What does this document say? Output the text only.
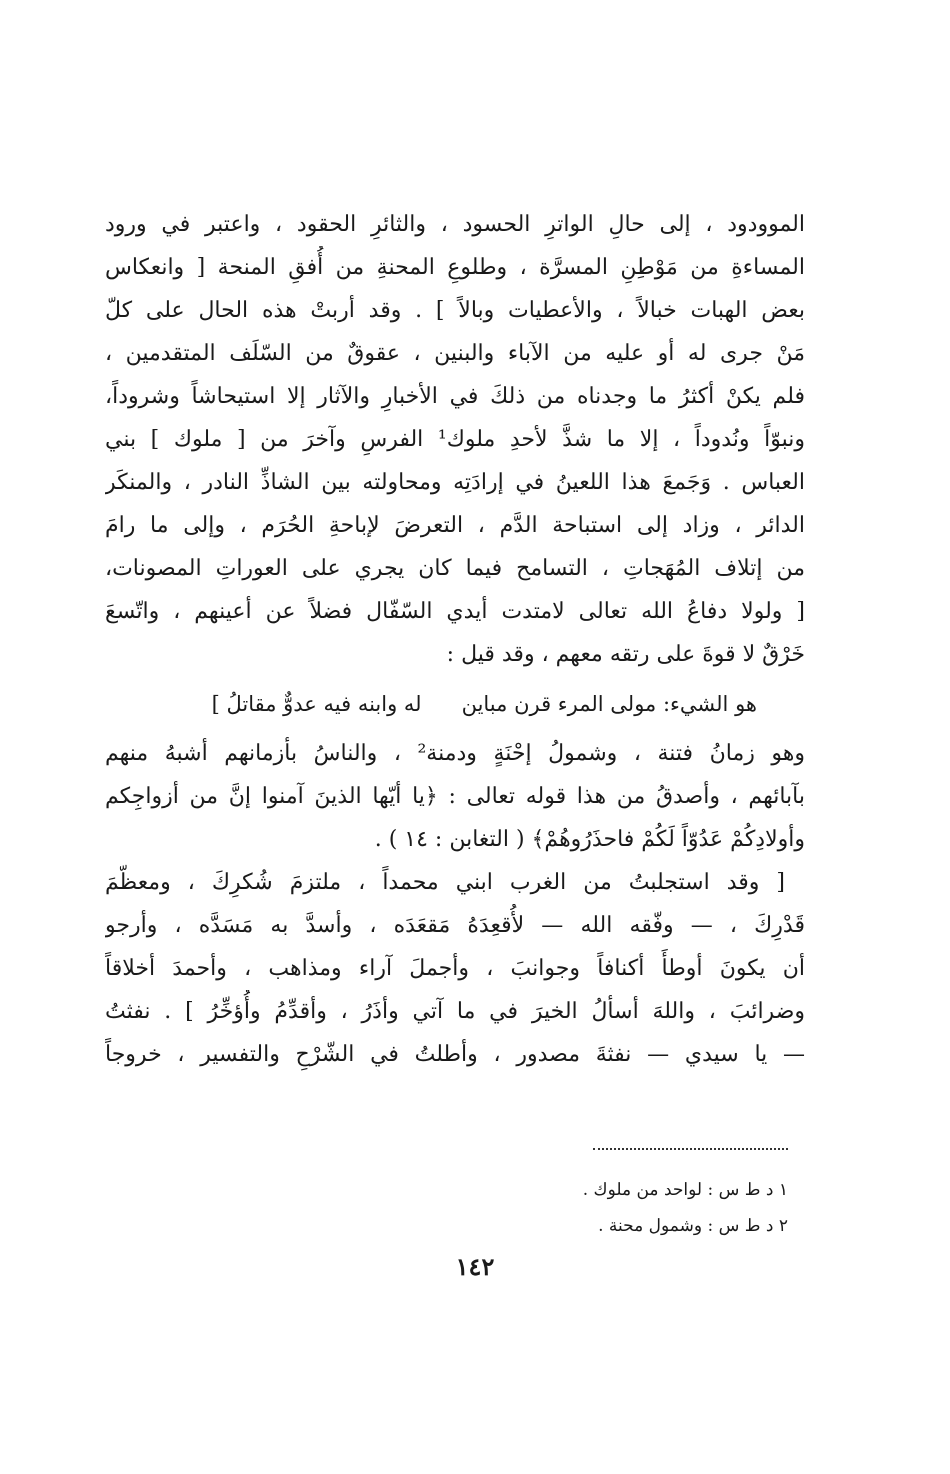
الموودود ، إلى حالِ الواترِ الحسود ، والثائرِ الحقود ، واعتبر في ورود
المساءةِ من مَوْطِنِ المسرَّة ، وطلوعِ المحنةِ من أُفقِ المنحة [ وانعكاس
بعض الهبات خبالاً ، والأعطيات وبالاً ] . وقد أربتْ هذه الحال على كلّ
مَنْ جرى له أو عليه من الآباء والبنين ، عقوقٌ من السّلَف المتقدمين ،
فلم يكنْ أكثرُ ما وجدناه من ذلكَ في الأخبارِ والآثار إلا استيحاشاً وشروداً،
ونبوّاً ونُدوداً ، إلا ما شذَّ لأحدِ ملوك¹ الفرسِ وآخرَ من [ ملوك ] بني
العباس . وَجَمعَ هذا اللعينُ في إرادَتِه ومحاولته بين الشاذِّ النادر ، والمنكَر
الدائر ، وزاد إلى استباحة الدَّم ، التعرضَ لإباحةِ الحُرَم ، وإلى ما رامَ
من إتلاف المُهَجاتِ ، التسامح فيما كان يجري على العوراتِ المصونات،
[ ولولا دفاعُ الله تعالى لامتدت أيدي السّفّال فضلاً عن أعينهم ، واتّسعَ
خَرْقٌ لا قوةَ على رتقه معهم ، وقد قيل :
هو الشيء: مولى المرء قرن مباينله وابنه فيه عدوٌّ مقاتلُ ]
وهو زمانُ فتنة ، وشمولُ إحْنَةٍ ودمنة² ، والناسُ بأزمانهم أشبهُ منهم
بآبائهم ، وأصدقُ من هذا قوله تعالى : ﴿يا أيّها الذينَ آمنوا إنَّ من أزواجِكم
وأولادِكُمْ عَدُوّاً لَكُمْ فاحذَرُوهُمْ﴾ ( التغابن : ١٤ ) .
[ وقد استجلبتُ من الغرب ابني محمداً ، ملتزمَ شُكرِكَ ، ومعظّمَ
قَدْرِكَ ، — وفّقه الله — لأُقعِدَهُ مَقعَدَه ، وأسدَّ به مَسَدَّه ، وأرجو
أن يكونَ أوطأَ أكنافاً وجوانبَ ، وأجملَ آراء ومذاهب ، وأحمدَ أخلاقاً
وضرائبَ ، واللهَ أسألُ الخيرَ في ما آتي وأذَرُ ، وأقدِّمُ وأُؤخِّرُ ] . نفثتُ
— يا سيدي — نفثةَ مصدور ، وأطلتُ في الشّرْحِ والتفسير ، خروجاً
١ د ط س : لواحد من ملوك .
٢ د ط س : وشمول محنة .
١٤٢
